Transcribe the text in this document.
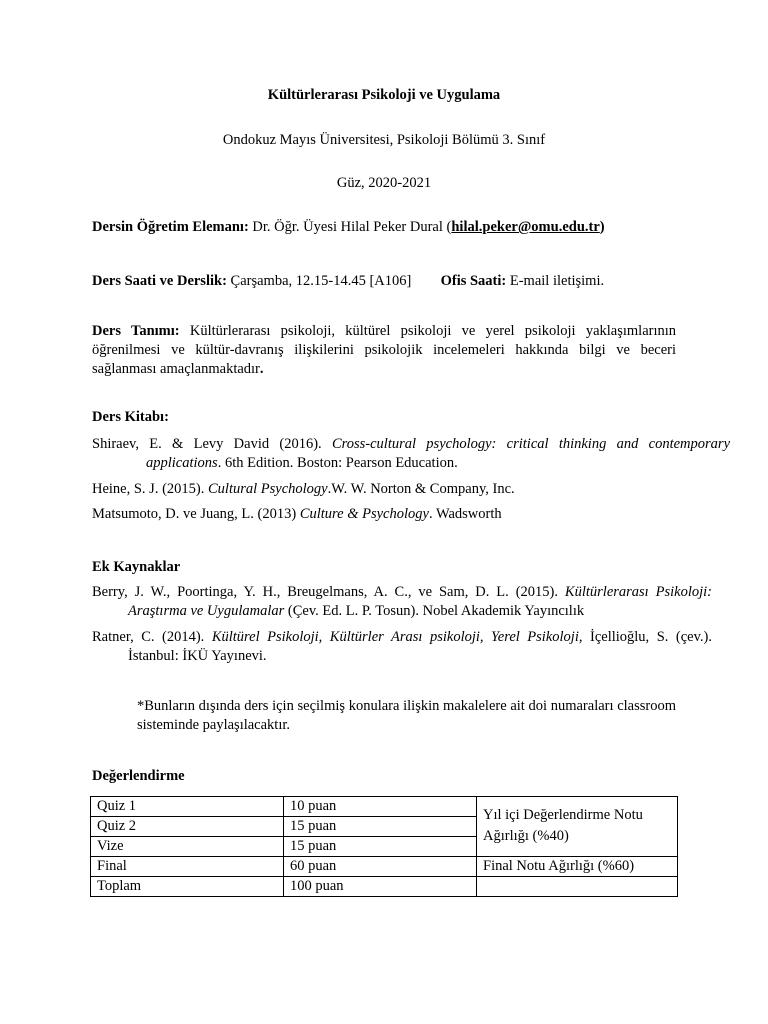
Kültürlerarası Psikoloji ve Uygulama
Ondokuz Mayıs Üniversitesi, Psikoloji Bölümü 3. Sınıf
Güz, 2020-2021
Dersin Öğretim Elemanı: Dr. Öğr. Üyesi Hilal Peker Dural (hilal.peker@omu.edu.tr)
Ders Saati ve Derslik: Çarşamba, 12.15-14.45 [A106] Ofis Saati: E-mail iletişimi.
Ders Tanımı: Kültürlerarası psikoloji, kültürel psikoloji ve yerel psikoloji yaklaşımlarının öğrenilmesi ve kültür-davranış ilişkilerini psikolojik incelemeleri hakkında bilgi ve beceri sağlanması amaçlanmaktadır.
Ders Kitabı:
Shiraev, E. & Levy David (2016). Cross-cultural psychology: critical thinking and contemporary applications. 6th Edition. Boston: Pearson Education.
Heine, S. J. (2015). Cultural Psychology.W. W. Norton & Company, Inc.
Matsumoto, D. ve Juang, L. (2013) Culture & Psychology. Wadsworth
Ek Kaynaklar
Berry, J. W., Poortinga, Y. H., Breugelmans, A. C., ve Sam, D. L. (2015). Kültürlerarası Psikoloji: Araştırma ve Uygulamalar (Çev. Ed. L. P. Tosun). Nobel Akademik Yayıncılık
Ratner, C. (2014). Kültürel Psikoloji, Kültürler Arası psikoloji, Yerel Psikoloji, İçellioğlu, S. (çev.). İstanbul: İKÜ Yayınevi.
*Bunların dışında ders için seçilmiş konulara ilişkin makalelere ait doi numaraları classroom sisteminde paylaşılacaktır.
Değerlendirme
Quiz 1	10 puan	Yıl içi Değerlendirme Notu Ağırlığı (%40)
Quiz 2	15 puan	
Vize	15 puan	
Final	60 puan	Final Notu Ağırlığı (%60)
Toplam	100 puan	
